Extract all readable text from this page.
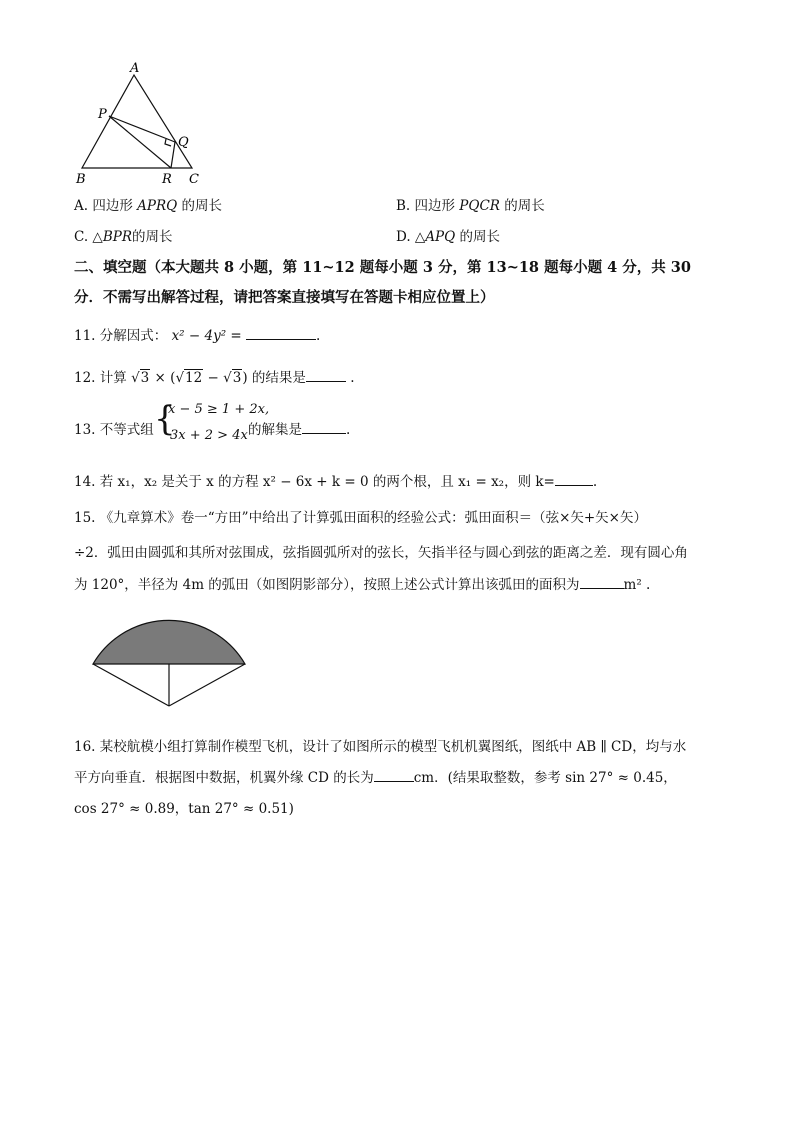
A
P
Q
B	R C
A. 四边形 APRQ 的周长	B. 四边形 PQCR 的周长
C. △BPR的周长	D. △APQ 的周长
二、填空题（本大题共 8 小题，第 11~12 题每小题 3 分，第 13~18 题每小题 4 分，共 30
分．不需写出解答过程，请把答案直接填写在答题卡相应位置上）
11. 分解因式： x² − 4y² =	.
12. 计算 √3 × (√12 − √3) 的结果是	.
13. 不等式组 {
x − 5 ≥ 1 + 2x,
3x + 2 > 4x 的解集是	.
14. 若 x₁，x₂ 是关于 x 的方程 x² − 6x + k = 0 的两个根，且 x₁ = x₂，则 k=	.
15. 《九章算术》卷一“方田”中给出了计算弧田面积的经验公式：弧田面积＝（弦×矢+矢×矢）
÷2．弧田由圆弧和其所对弦围成，弦指圆弧所对的弦长，矢指半径与圆心到弦的距离之差．现有圆心角
为 120°，半径为 4m 的弧田（如图阴影部分），按照上述公式计算出该弧田的面积为	m² .
16. 某校航模小组打算制作模型飞机，设计了如图所示的模型飞机机翼图纸，图纸中 AB ∥ CD，均与水
平方向垂直．根据图中数据，机翼外缘 CD 的长为	cm．(结果取整数，参考 sin 27° ≈ 0.45，
cos 27° ≈ 0.89，tan 27° ≈ 0.51)
